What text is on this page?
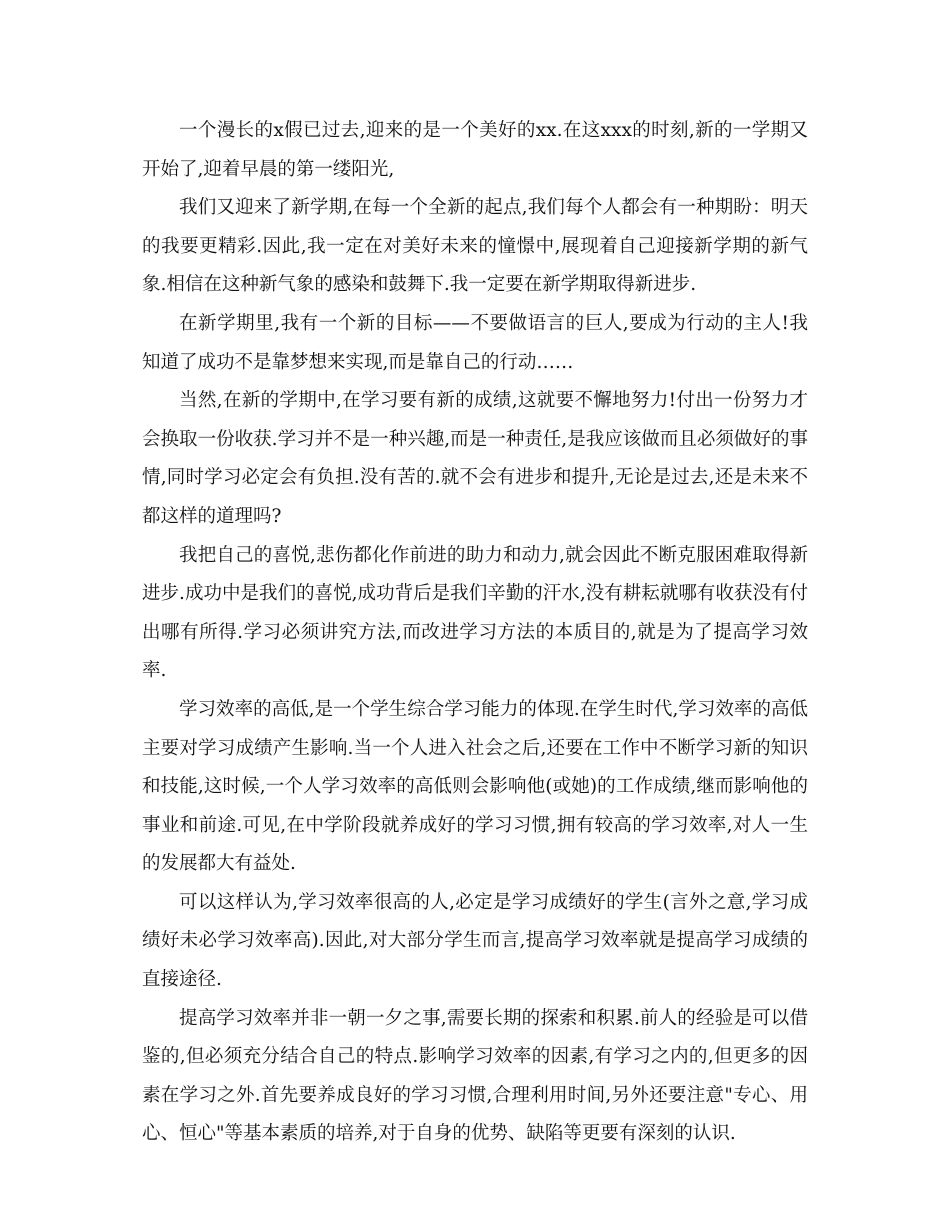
一个漫长的x假已过去,迎来的是一个美好的xx.在这xxx的时刻,新的一学期又开始了,迎着早晨的第一缕阳光,

我们又迎来了新学期,在每一个全新的起点,我们每个人都会有一种期盼：明天的我要更精彩.因此,我一定在对美好未来的憧憬中,展现着自己迎接新学期的新气象.相信在这种新气象的感染和鼓舞下.我一定要在新学期取得新进步.

在新学期里,我有一个新的目标——不要做语言的巨人,要成为行动的主人!我知道了成功不是靠梦想来实现,而是靠自己的行动……

当然,在新的学期中,在学习要有新的成绩,这就要不懈地努力!付出一份努力才会换取一份收获.学习并不是一种兴趣,而是一种责任,是我应该做而且必须做好的事情,同时学习必定会有负担.没有苦的.就不会有进步和提升,无论是过去,还是未来不都这样的道理吗?

我把自己的喜悦,悲伤都化作前进的助力和动力,就会因此不断克服困难取得新进步.成功中是我们的喜悦,成功背后是我们辛勤的汗水,没有耕耘就哪有收获没有付出哪有所得.学习必须讲究方法,而改进学习方法的本质目的,就是为了提高学习效率.

学习效率的高低,是一个学生综合学习能力的体现.在学生时代,学习效率的高低主要对学习成绩产生影响.当一个人进入社会之后,还要在工作中不断学习新的知识和技能,这时候,一个人学习效率的高低则会影响他(或她)的工作成绩,继而影响他的事业和前途.可见,在中学阶段就养成好的学习习惯,拥有较高的学习效率,对人一生的发展都大有益处.

可以这样认为,学习效率很高的人,必定是学习成绩好的学生(言外之意,学习成绩好未必学习效率高).因此,对大部分学生而言,提高学习效率就是提高学习成绩的直接途径.

提高学习效率并非一朝一夕之事,需要长期的探索和积累.前人的经验是可以借鉴的,但必须充分结合自己的特点.影响学习效率的因素,有学习之内的,但更多的因素在学习之外.首先要养成良好的学习习惯,合理利用时间,另外还要注意"专心、用心、恒心"等基本素质的培养,对于自身的优势、缺陷等更要有深刻的认识.
